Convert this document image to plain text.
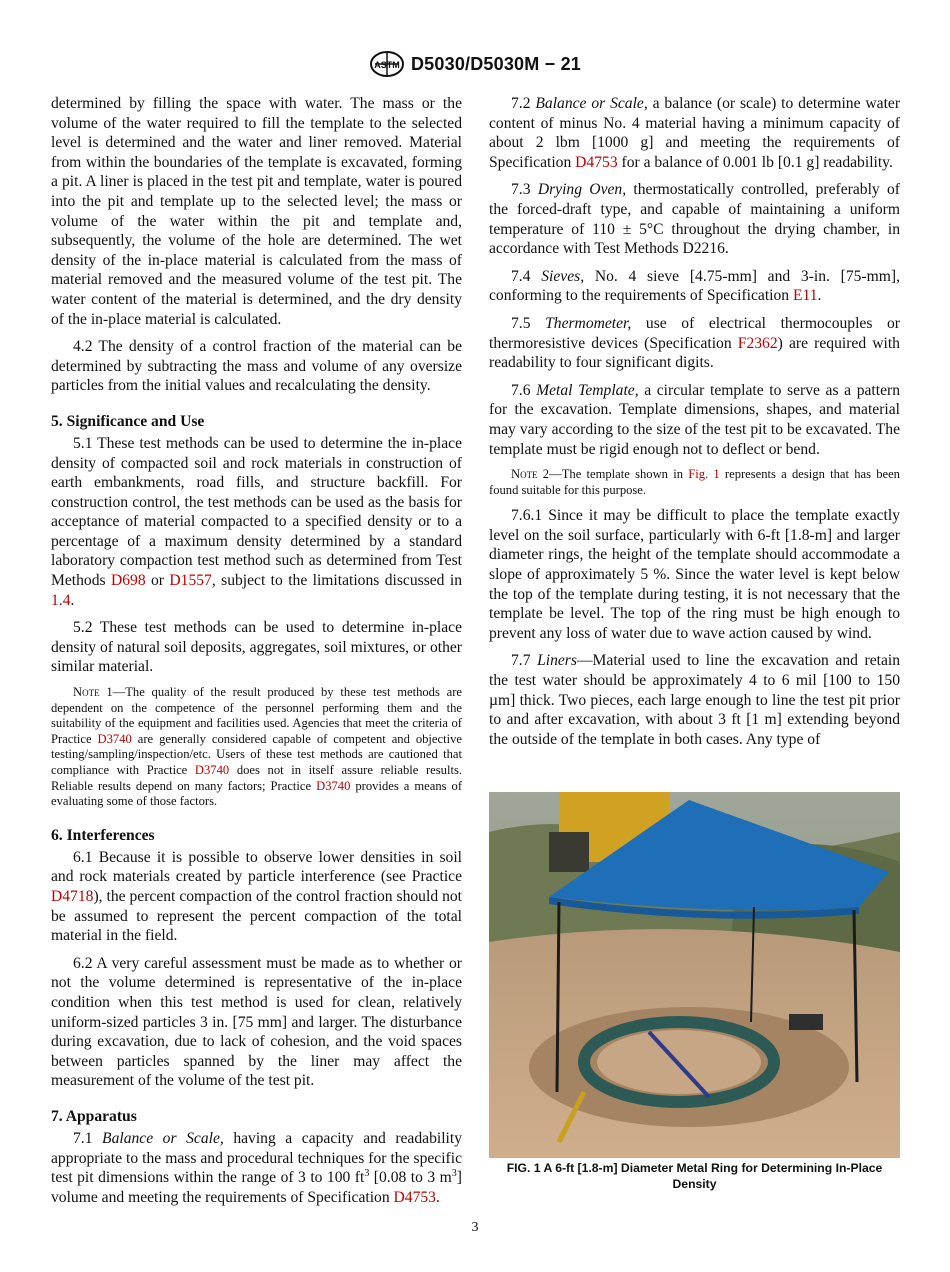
ASTM D5030/D5030M − 21

determined by filling the space with water. The mass or the volume of the water required to fill the template to the selected level is determined and the water and liner removed. Material from within the boundaries of the template is excavated, forming a pit. A liner is placed in the test pit and template, water is poured into the pit and template up to the selected level; the mass or volume of the water within the pit and template and, subsequently, the volume of the hole are determined. The wet density of the in-place material is calculated from the mass of material removed and the measured volume of the test pit. The water content of the material is determined, and the dry density of the in-place material is calculated.

4.2 The density of a control fraction of the material can be determined by subtracting the mass and volume of any oversize particles from the initial values and recalculating the density.

5. Significance and Use

5.1 These test methods can be used to determine the in-place density of compacted soil and rock materials in construction of earth embankments, road fills, and structure backfill. For construction control, the test methods can be used as the basis for acceptance of material compacted to a specified density or to a percentage of a maximum density determined by a standard laboratory compaction test method such as determined from Test Methods D698 or D1557, subject to the limitations discussed in 1.4.

5.2 These test methods can be used to determine in-place density of natural soil deposits, aggregates, soil mixtures, or other similar material.

Note 1—The quality of the result produced by these test methods are dependent on the competence of the personnel performing them and the suitability of the equipment and facilities used. Agencies that meet the criteria of Practice D3740 are generally considered capable of competent and objective testing/sampling/inspection/etc. Users of these test methods are cautioned that compliance with Practice D3740 does not in itself assure reliable results. Reliable results depend on many factors; Practice D3740 provides a means of evaluating some of those factors.

6. Interferences

6.1 Because it is possible to observe lower densities in soil and rock materials created by particle interference (see Practice D4718), the percent compaction of the control fraction should not be assumed to represent the percent compaction of the total material in the field.

6.2 A very careful assessment must be made as to whether or not the volume determined is representative of the in-place condition when this test method is used for clean, relatively uniform-sized particles 3 in. [75 mm] and larger. The disturbance during excavation, due to lack of cohesion, and the void spaces between particles spanned by the liner may affect the measurement of the volume of the test pit.

7. Apparatus

7.1 Balance or Scale, having a capacity and readability appropriate to the mass and procedural techniques for the specific test pit dimensions within the range of 3 to 100 $ft^3$ [0.08 to 3 $m^3$] volume and meeting the requirements of Specification D4753.

7.2 Balance or Scale, a balance (or scale) to determine water content of minus No. 4 material having a minimum capacity of about 2 lbm [1000 g] and meeting the requirements of Specification D4753 for a balance of 0.001 lb [0.1 g] readability.

7.3 Drying Oven, thermostatically controlled, preferably of the forced-draft type, and capable of maintaining a uniform temperature of 110 ± 5°C throughout the drying chamber, in accordance with Test Methods D2216.

7.4 Sieves, No. 4 sieve [4.75-mm] and 3-in. [75-mm], conforming to the requirements of Specification E11.

7.5 Thermometer, use of electrical thermocouples or thermoresistive devices (Specification F2362) are required with readability to four significant digits.

7.6 Metal Template, a circular template to serve as a pattern for the excavation. Template dimensions, shapes, and material may vary according to the size of the test pit to be excavated. The template must be rigid enough not to deflect or bend.

Note 2—The template shown in Fig. 1 represents a design that has been found suitable for this purpose.

7.6.1 Since it may be difficult to place the template exactly level on the soil surface, particularly with 6-ft [1.8-m] and larger diameter rings, the height of the template should accommodate a slope of approximately 5 %. Since the water level is kept below the top of the template during testing, it is not necessary that the template be level. The top of the ring must be high enough to prevent any loss of water due to wave action caused by wind.

7.7 Liners—Material used to line the excavation and retain the test water should be approximately 4 to 6 mil [100 to 150 µm] thick. Two pieces, each large enough to line the test pit prior to and after excavation, with about 3 ft [1 m] extending beyond the outside of the template in both cases. Any type of

FIG. 1 A 6-ft [1.8-m] Diameter Metal Ring for Determining In-Place Density
3
